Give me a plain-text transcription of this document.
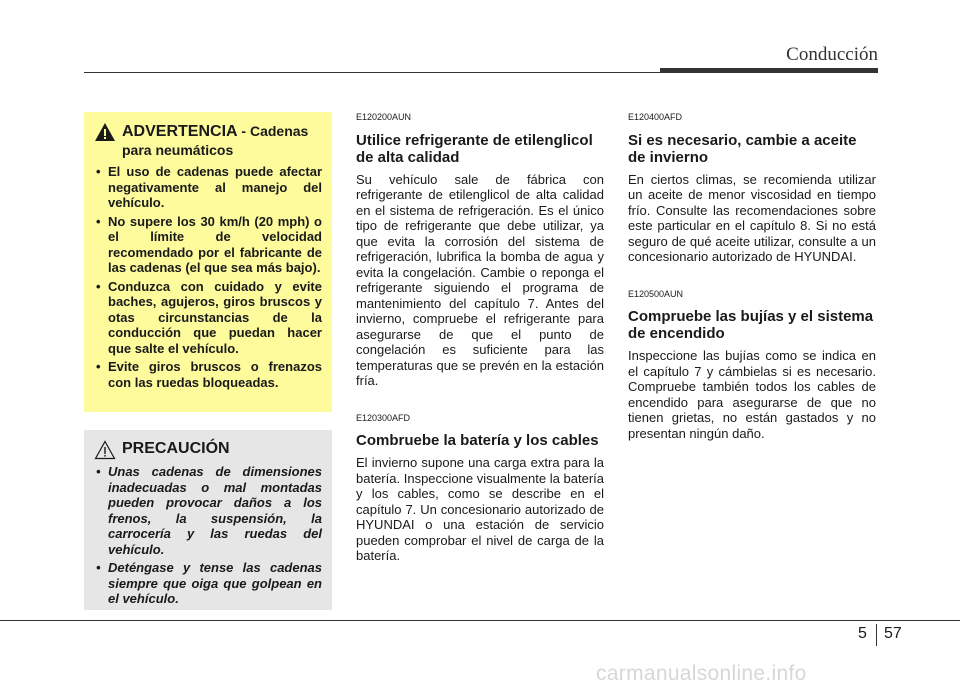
Conducción
ADVERTENCIA - Cadenas para neumáticos
• El uso de cadenas puede afectar negativamente al manejo del vehículo.
• No supere los 30 km/h (20 mph) o el límite de velocidad recomendado por el fabricante de las cadenas (el que sea más bajo).
• Conduzca con cuidado y evite baches, agujeros, giros bruscos y otas circunstancias de la conducción que puedan hacer que salte el vehículo.
• Evite giros bruscos o frenazos con las ruedas bloqueadas.
PRECAUCIÓN
• Unas cadenas de dimensiones inadecuadas o mal montadas pueden provocar daños a los frenos, la suspensión, la carrocería y las ruedas del vehículo.
• Deténgase y tense las cadenas siempre que oiga que golpean en el vehículo.

E120200AUN

Utilice refrigerante de etilenglicol de alta calidad

Su vehículo sale de fábrica con refrigerante de etilenglicol de alta calidad en el sistema de refrigeración. Es el único tipo de refrigerante que debe utilizar, ya que evita la corrosión del sistema de refrigeración, lubrifica la bomba de agua y evita la congelación. Cambie o reponga el refrigerante siguiendo el programa de mantenimiento del capítulo 7. Antes del invierno, compruebe el refrigerante para asegurarse de que el punto de congelación es suficiente para las temperaturas que se prevén en la estación fría.

E120300AFD

Combruebe la batería y los cables

El invierno supone una carga extra para la batería. Inspeccione visualmente la batería y los cables, como se describe en el capítulo 7. Un concesionario autorizado de HYUNDAI o una estación de servicio pueden comprobar el nivel de carga de la batería.

E120400AFD

Si es necesario, cambie a aceite de invierno

En ciertos climas, se recomienda utilizar un aceite de menor viscosidad en tiempo frío. Consulte las recomendaciones sobre este particular en el capítulo 8. Si no está seguro de qué aceite utilizar, consulte a un concesionario autorizado de HYUNDAI.

E120500AUN

Compruebe las bujías y el sistema de encendido

Inspeccione las bujías como se indica en el capítulo 7 y cámbielas si es necesario. Compruebe también todos los cables de encendido para asegurarse de que no tienen grietas, no están gastados y no presentan ningún daño.

5 57
carmanualsonline.info
